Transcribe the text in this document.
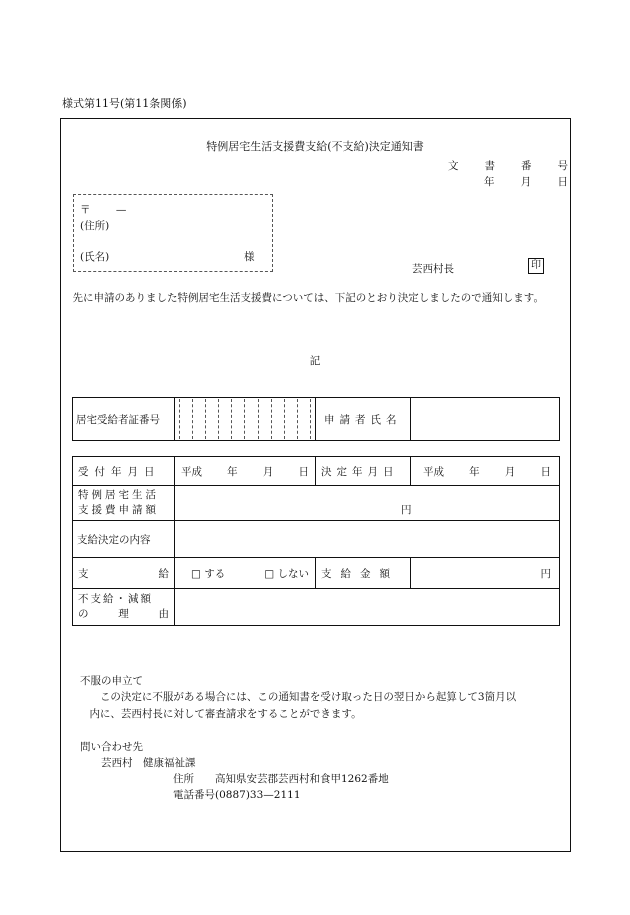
様式第11号(第11条関係)
特例居宅生活支援費支給(不支給)決定通知書
文 書 番 号
年	月	日
〒 —
(住所)
(氏名)	様
芸西村長	印
先に申請のありました特例居宅生活支援費については、下記のとおり決定しましたので通知します。
記
居宅受給者証番号		申請者氏名

受付年月日	平成 年 月 日	決定年月日	平成 年 月 日

特例居宅生活
支援費申請額	円		

支給決定の内容			

支 給	□ する □ しない	支給金額	円

不支給・減額
の 理 由			

不服の申立て
この決定に不服がある場合には、この通知書を受け取った日の翌日から起算して3箇月以
内に、芸西村長に対して審査請求をすることができます。
問い合わせ先
芸西村　健康福祉課
住所　　高知県安芸郡芸西村和食甲1262番地
電話番号(0887)33—2111
